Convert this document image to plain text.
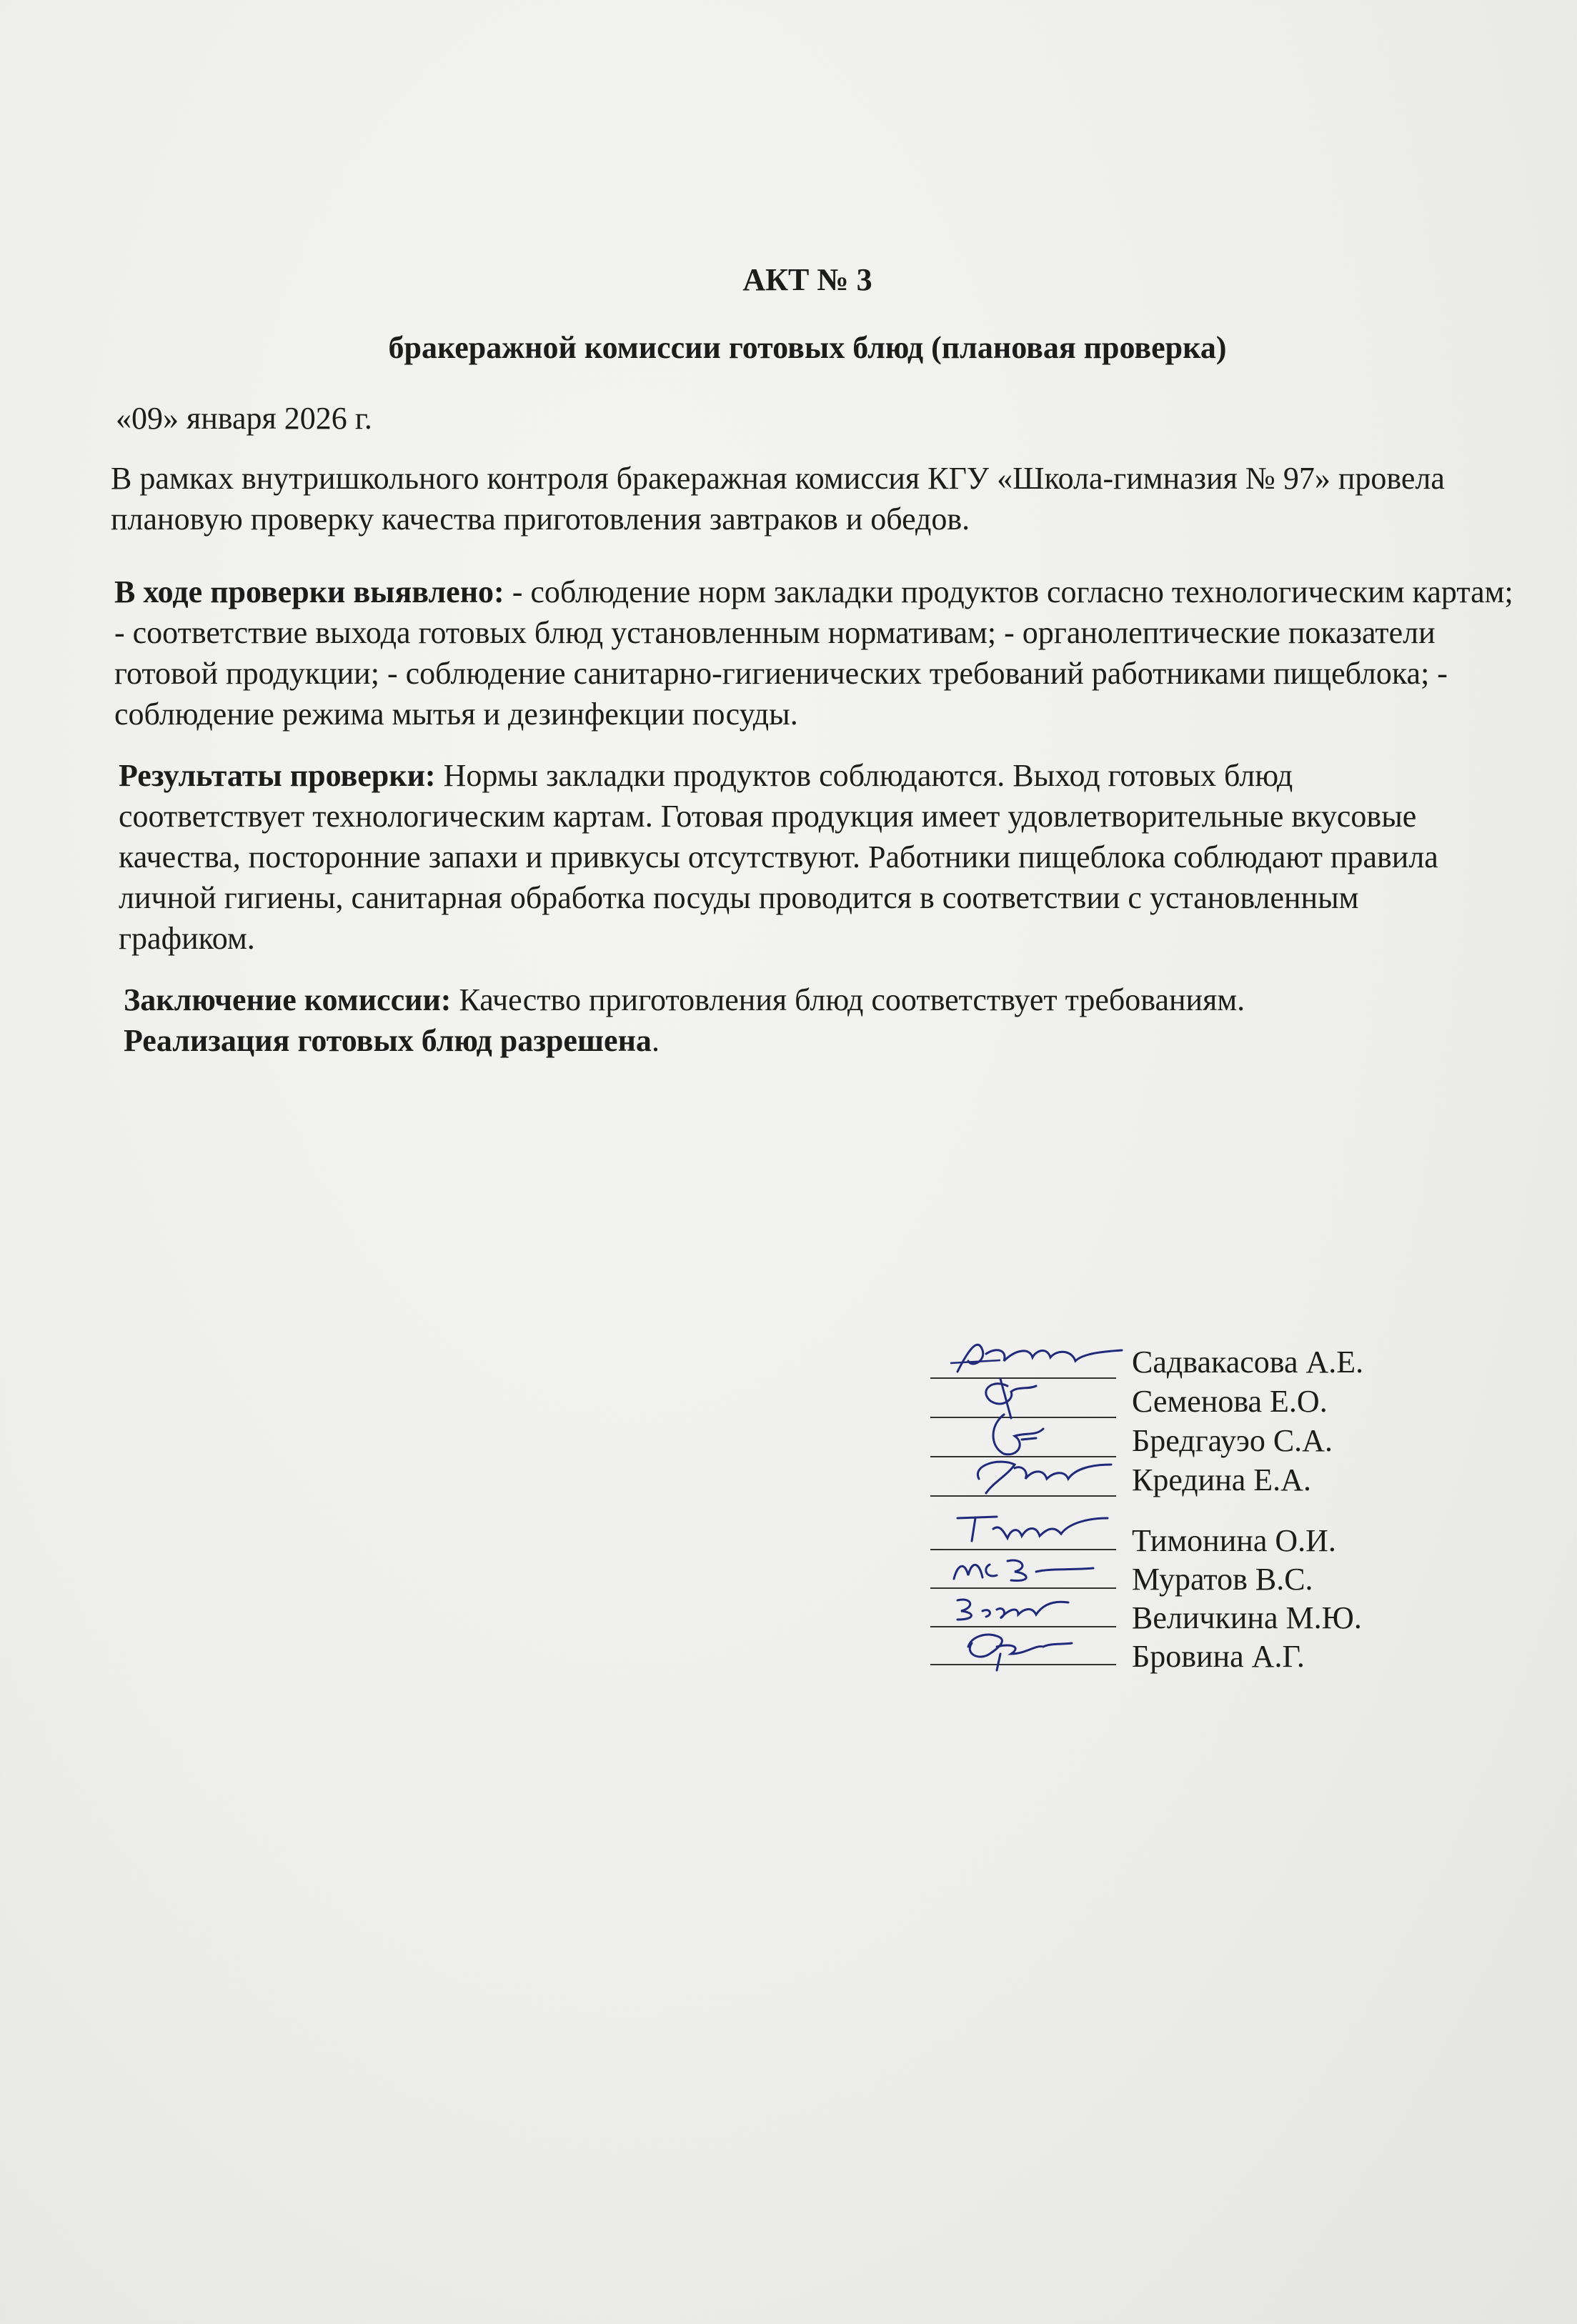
АКТ № 3
бракеражной комиссии готовых блюд (плановая проверка)
«09» января 2026 г.

В рамках внутришкольного контроля бракеражная комиссия КГУ «Школа-гимназия № 97» провела плановую проверку качества приготовления завтраков и обедов.

В ходе проверки выявлено: - соблюдение норм закладки продуктов согласно технологическим картам; - соответствие выхода готовых блюд установленным нормативам; - органолептические показатели готовой продукции; - соблюдение санитарно-гигиенических требований работниками пищеблока; - соблюдение режима мытья и дезинфекции посуды.

Результаты проверки: Нормы закладки продуктов соблюдаются. Выход готовых блюд соответствует технологическим картам. Готовая продукция имеет удовлетворительные вкусовые качества, посторонние запахи и привкусы отсутствуют. Работники пищеблока соблюдают правила личной гигиены, санитарная обработка посуды проводится в соответствии с установленным графиком.

Заключение комиссии: Качество приготовления блюд соответствует требованиям.
Реализация готовых блюд разрешена.

Садвакасова А.Е.
Семенова Е.О.
Бредгауэо С.А.
Кредина Е.А.
Тимонина О.И.
Муратов В.С.
Величкина М.Ю.
Бровина А.Г.
